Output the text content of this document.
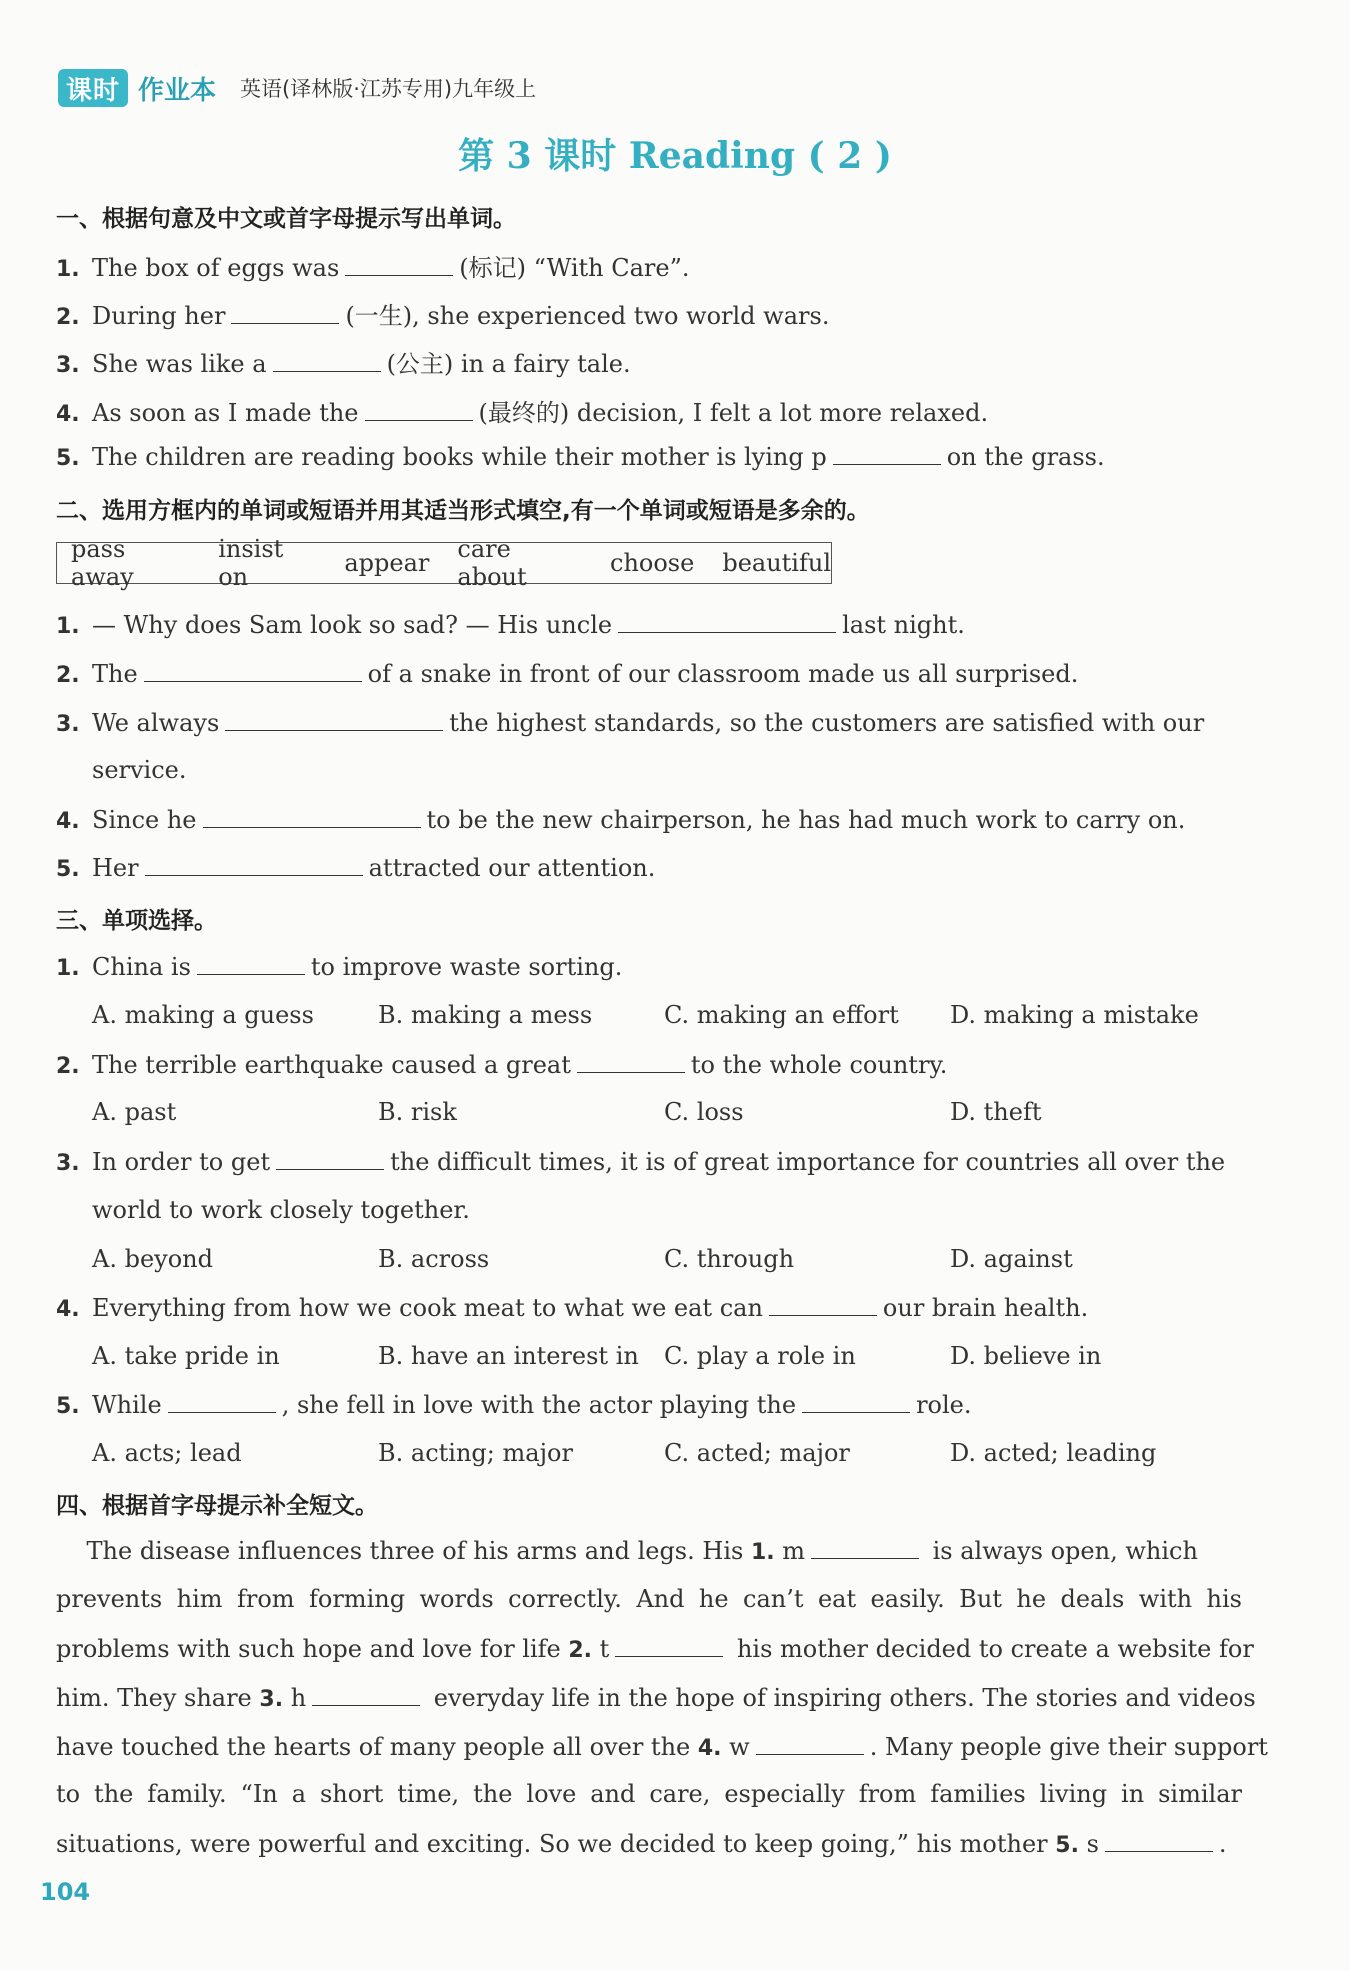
课时 作业本 英语(译林版·江苏专用)九年级上
第 3 课时 Reading ( 2 )
一、根据句意及中文或首字母提示写出单词。
1. The box of eggs was	(标记) “With Care”.
2. During her	(一生), she experienced two world wars.
3. She was like a	(公主) in a fairy tale.
4. As soon as I made the	(最终的) decision, I felt a lot more relaxed.
5. The children are reading books while their mother is lying p	on the grass.
二、选用方框内的单词或短语并用其适当形式填空,有一个单词或短语是多余的。
pass away
insist on	appear care about	choose beautiful
1. — Why does Sam look so sad? — His uncle	last night.
2. The	of a snake in front of our classroom made us all surprised.
3. We always	the highest standards, so the customers are satisfied with our
service.
4. Since he	to be the new chairperson, he has had much work to carry on.
5. Her	attracted our attention.
三、单项选择。
1. China is	to improve waste sorting.
A. making a guess	B. making a mess	C. making an effort D. making a mistake
2. The terrible earthquake caused a great	to the whole country.
A. past	B. risk	C. loss	D. theft
3. In order to get	the difficult times, it is of great importance for countries all over the
world to work closely together.
A. beyond	B. across	C. through	D. against
4. Everything from how we cook meat to what we eat can	our brain health.
A. take pride in	B. have an interest in C. play a role in	D. believe in
5. While	, she fell in love with the actor playing the	role.
A. acts; lead	B. acting; major	C. acted; major	D. acted; leading
四、根据首字母提示补全短文。
The disease influences three of his arms and legs. His 1. m	is always open, which
prevents him from forming words correctly. And he can’t eat easily. But he deals with his
problems with such hope and love for life 2. t	his mother decided to create a website for
him. They share 3. h	everyday life in the hope of inspiring others. The stories and videos
have touched the hearts of many people all over the 4. w	. Many people give their support
to the family. “In a short time, the love and care, especially from families living in similar
situations, were powerful and exciting. So we decided to keep going,” his mother 5. s	.
104
